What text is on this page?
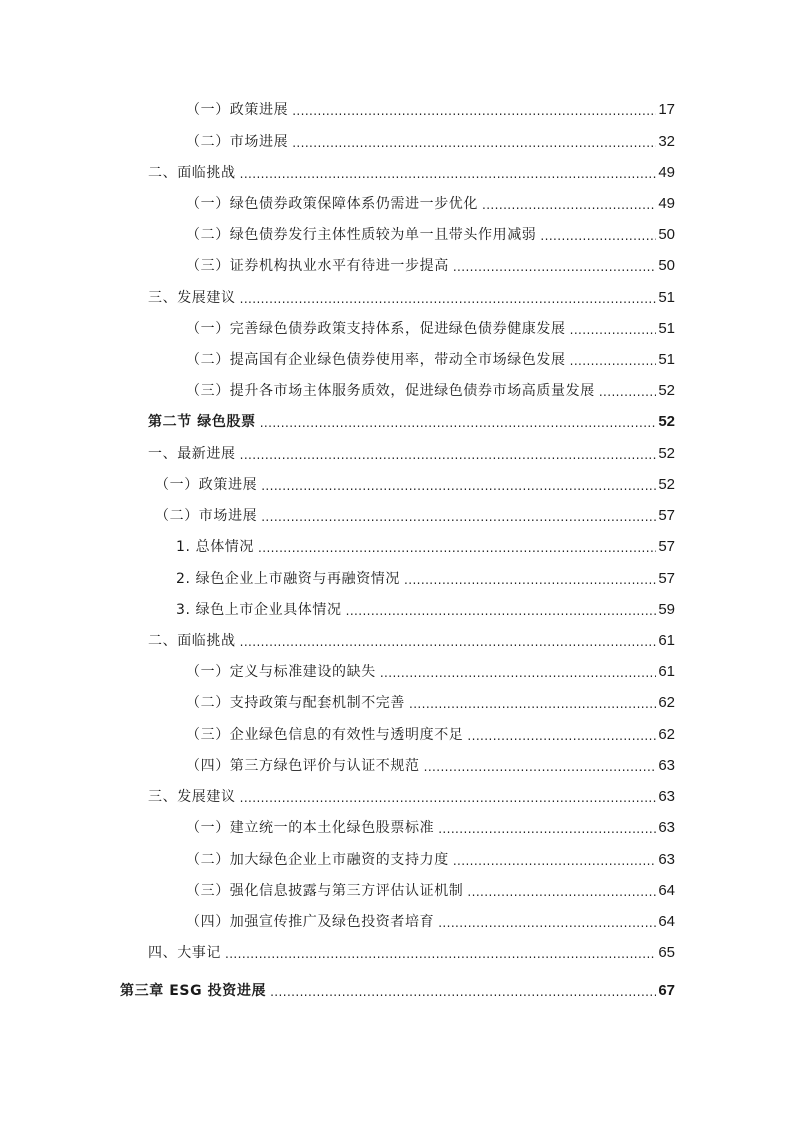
（一）政策进展 .....	17
（二）市场进展 .....	32
二、面临挑战 .....	49
（一）绿色债券政策保障体系仍需进一步优化 .....	49
（二）绿色债券发行主体性质较为单一且带头作用减弱 .....	50
（三）证券机构执业水平有待进一步提高 .....	50
三、发展建议 .....	51
（一）完善绿色债券政策支持体系，促进绿色债券健康发展 .....	51
（二）提高国有企业绿色债券使用率，带动全市场绿色发展 .....	51
（三）提升各市场主体服务质效，促进绿色债券市场高质量发展 .....	52
第二节 绿色股票 .....	52
一、最新进展 .....	52
（一）政策进展 .....	52
（二）市场进展 .....	57
1. 总体情况 .....	57
2. 绿色企业上市融资与再融资情况 .....	57
3. 绿色上市企业具体情况 .....	59
二、面临挑战 .....	61
（一）定义与标准建设的缺失 .....	61
（二）支持政策与配套机制不完善 .....	62
（三）企业绿色信息的有效性与透明度不足 .....	62
（四）第三方绿色评价与认证不规范 .....	63
三、发展建议 .....	63
（一）建立统一的本土化绿色股票标准 .....	63
（二）加大绿色企业上市融资的支持力度 .....	63
（三）强化信息披露与第三方评估认证机制 .....	64
（四）加强宣传推广及绿色投资者培育 .....	64
四、大事记 .....	65
第三章 ESG 投资进展 .....	67
